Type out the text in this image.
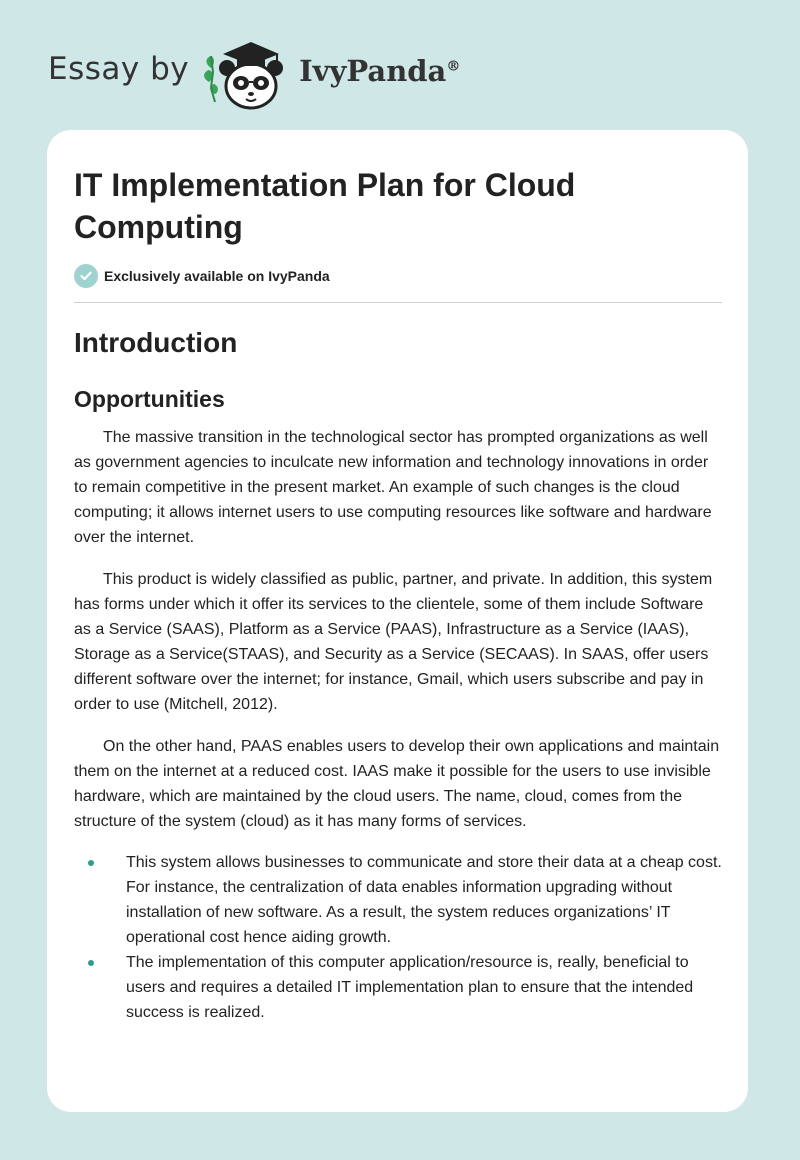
Essay by	IvyPanda®
IT Implementation Plan for Cloud Computing
Exclusively available on IvyPanda
Introduction
Opportunities

The massive transition in the technological sector has prompted organizations as well as government agencies to inculcate new information and technology innovations in order to remain competitive in the present market. An example of such changes is the cloud computing; it allows internet users to use computing resources like software and hardware over the internet.

This product is widely classified as public, partner, and private. In addition, this system has forms under which it offer its services to the clientele, some of them include Software as a Service (SAAS), Platform as a Service (PAAS), Infrastructure as a Service (IAAS), Storage as a Service(STAAS), and Security as a Service (SECAAS). In SAAS, offer users different software over the internet; for instance, Gmail, which users subscribe and pay in order to use (Mitchell, 2012).

On the other hand, PAAS enables users to develop their own applications and maintain them on the internet at a reduced cost. IAAS make it possible for the users to use invisible hardware, which are maintained by the cloud users. The name, cloud, comes from the structure of the system (cloud) as it has many forms of services.

This system allows businesses to communicate and store their data at a cheap cost. For instance, the centralization of data enables information upgrading without installation of new software. As a result, the system reduces organizations’ IT operational cost hence aiding growth.
The implementation of this computer application/resource is, really, beneficial to users and requires a detailed IT implementation plan to ensure that the intended success is realized.
